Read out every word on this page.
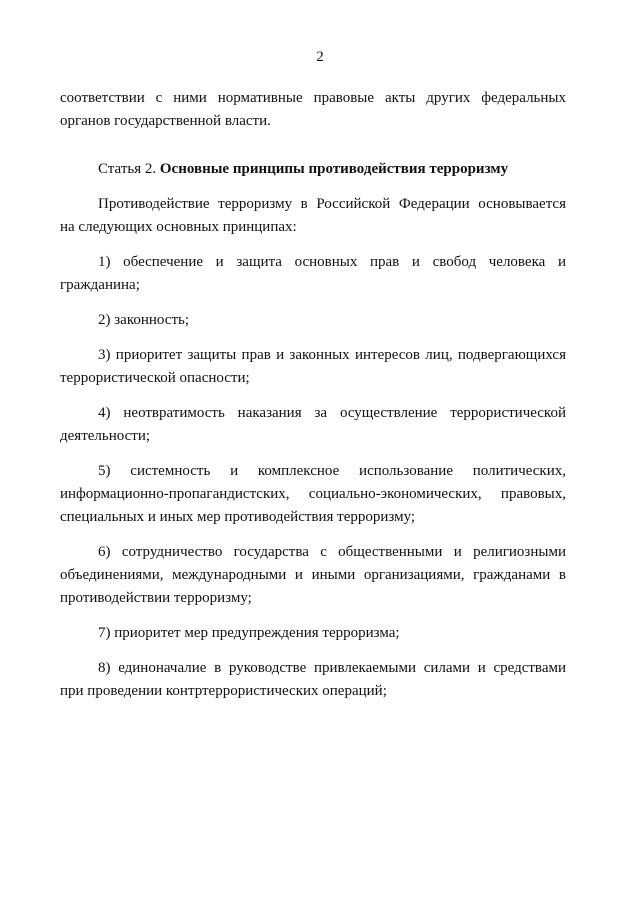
2
соответствии с ними нормативные правовые акты других федеральных
органов государственной власти.
Статья 2. Основные принципы противодействия терроризму
Противодействие терроризму в Российской Федерации основывается
на следующих основных принципах:
1) обеспечение и защита основных прав и свобод человека и
гражданина;
2) законность;
3) приоритет защиты прав и законных интересов лиц, подвергающихся
террористической опасности;
4) неотвратимость наказания за осуществление террористической
деятельности;
5) системность и комплексное использование политических,
информационно-пропагандистских, социально-экономических, правовых,
специальных и иных мер противодействия терроризму;
6) сотрудничество государства с общественными и религиозными
объединениями, международными и иными организациями, гражданами в
противодействии терроризму;
7) приоритет мер предупреждения терроризма;
8) единоначалие в руководстве привлекаемыми силами и средствами
при проведении контртеррористических операций;
